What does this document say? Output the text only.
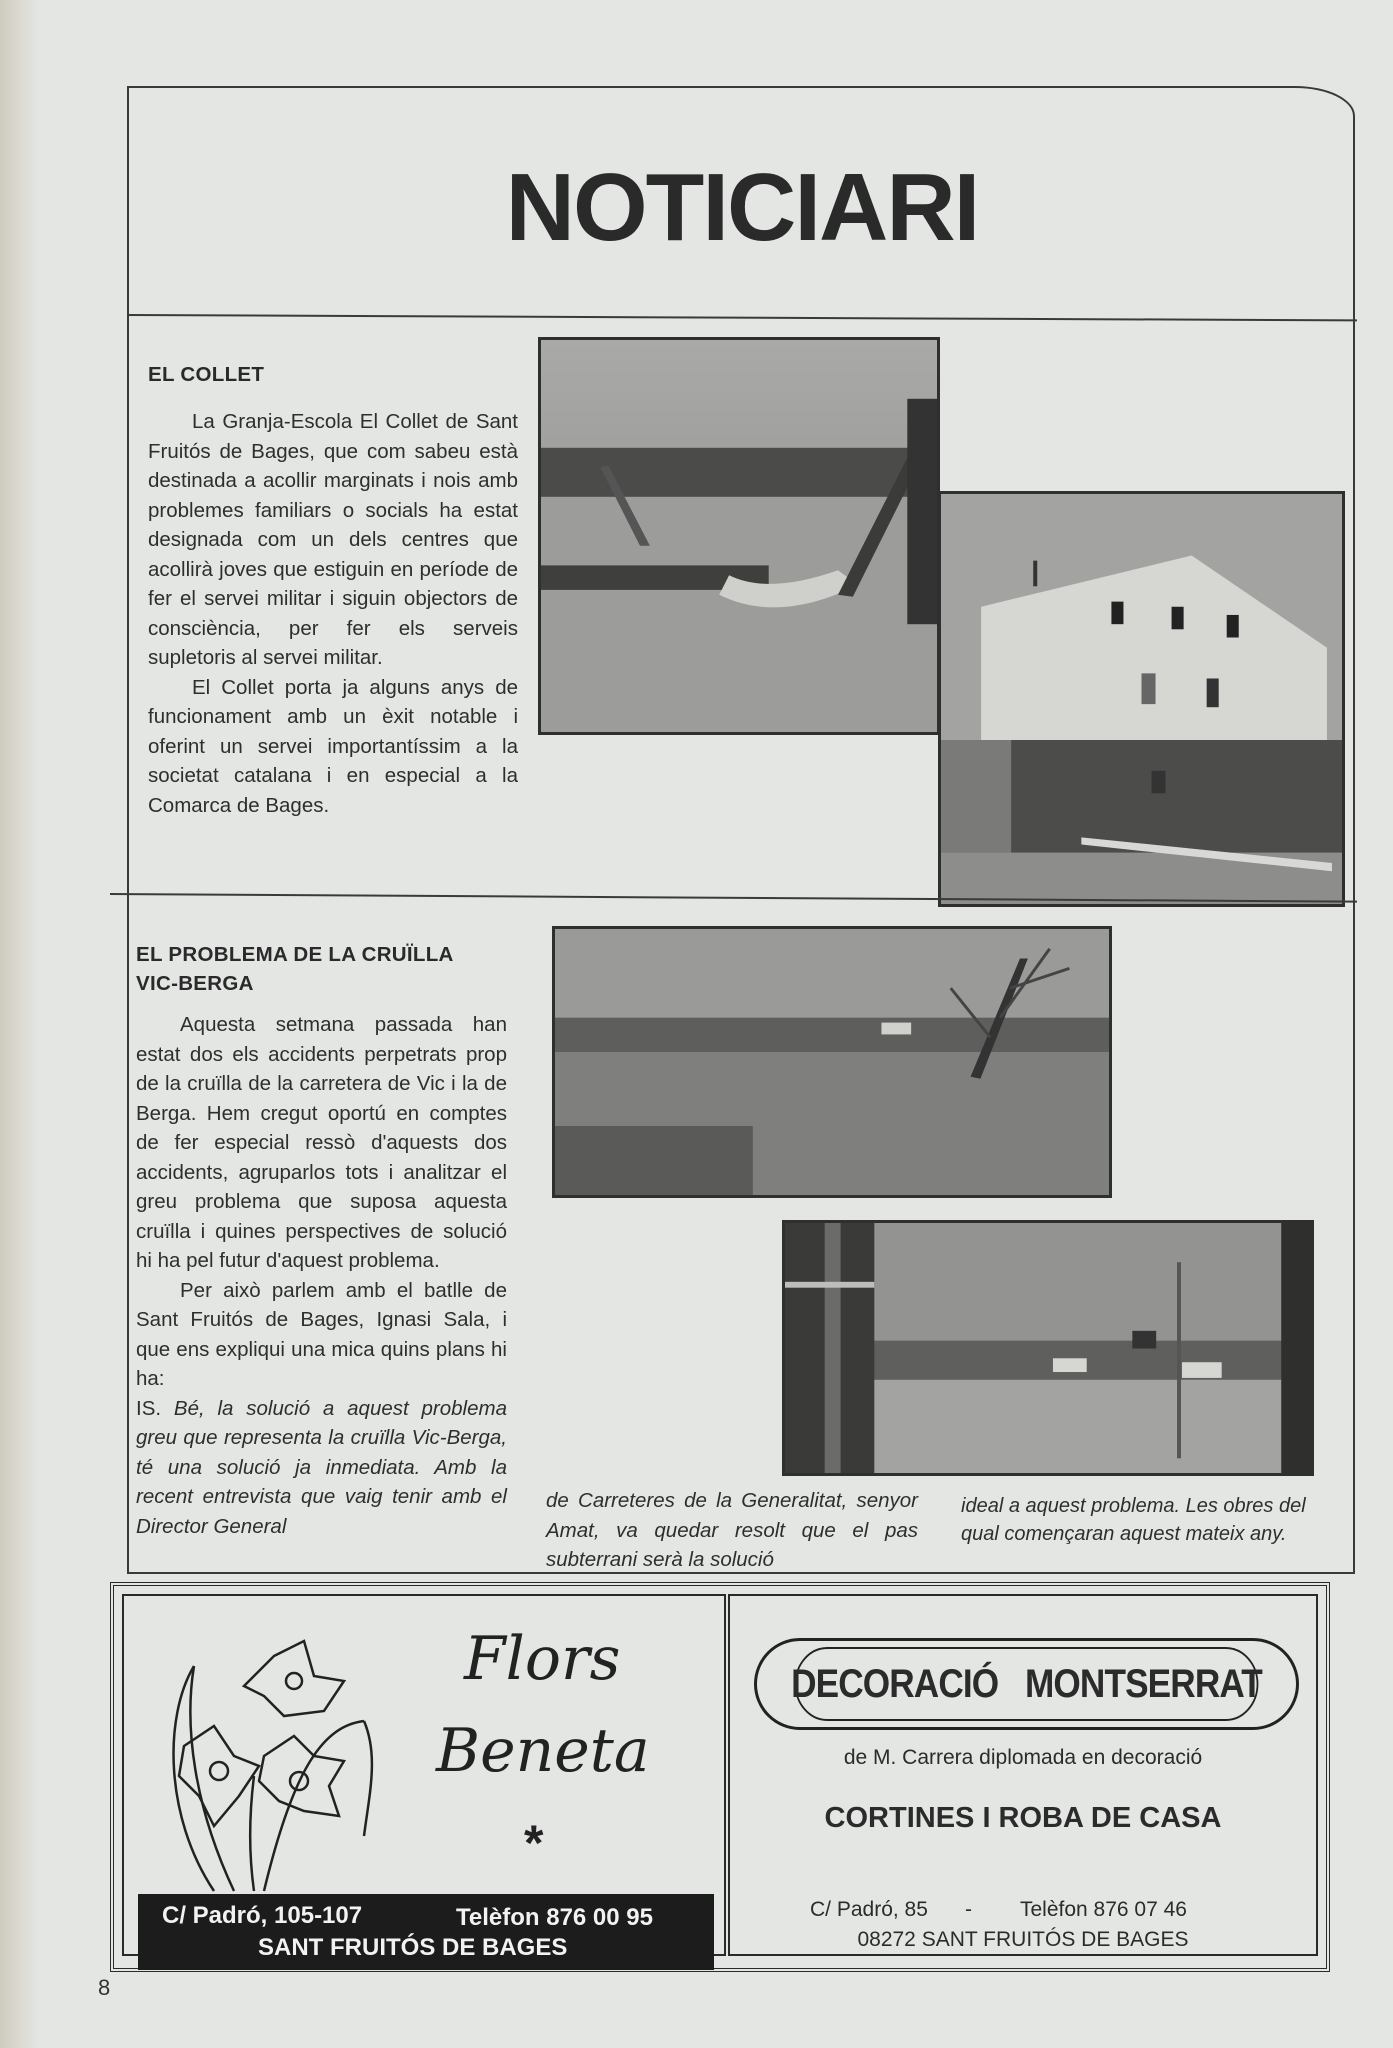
NOTICIARI
EL COLLET

La Granja-Escola El Collet de Sant Fruitós de Bages, que com sabeu està destinada a acollir marginats i nois amb problemes familiars o socials ha estat designada com un dels centres que acollirà joves que estiguin en període de fer el servei militar i siguin objectors de consciència, per fer els serveis supletoris al servei militar.

El Collet porta ja alguns anys de funcionament amb un èxit notable i oferint un servei importantíssim a la societat catalana i en especial a la Comarca de Bages.

EL PROBLEMA DE LA CRUÏLLA
VIC-BERGA

Aquesta setmana passada han estat dos els accidents perpetrats prop de la cruïlla de la carretera de Vic i la de Berga. Hem cregut oportú en comptes de fer especial ressò d'aquests dos accidents, agruparlos tots i analitzar el greu problema que suposa aquesta cruïlla i quines perspectives de solució hi ha pel futur d'aquest problema.

Per això parlem amb el batlle de Sant Fruitós de Bages, Ignasi Sala, i que ens expliqui una mica quins plans hi ha:

IS. Bé, la solució a aquest problema greu que representa la cruïlla Vic-Berga, té una solució ja inmediata. Amb la recent entrevista que vaig tenir amb el Director General

de Carreteres de la Generalitat, senyor Amat, va quedar resolt que el pas subterrani serà la solució
ideal a aquest problema. Les obres del qual començaran aquest mateix any.
Flors
Beneta
*
C/ Padró, 105-107	Telèfon 876 00 95
SANT FRUITÓS DE BAGES
DECORACIÓ   MONTSERRAT
de M. Carrera diplomada en decoració
CORTINES I ROBA DE CASA
C/ Padró, 85 - Telèfon 876 07 46
08272 SANT FRUITÓS DE BAGES
8
